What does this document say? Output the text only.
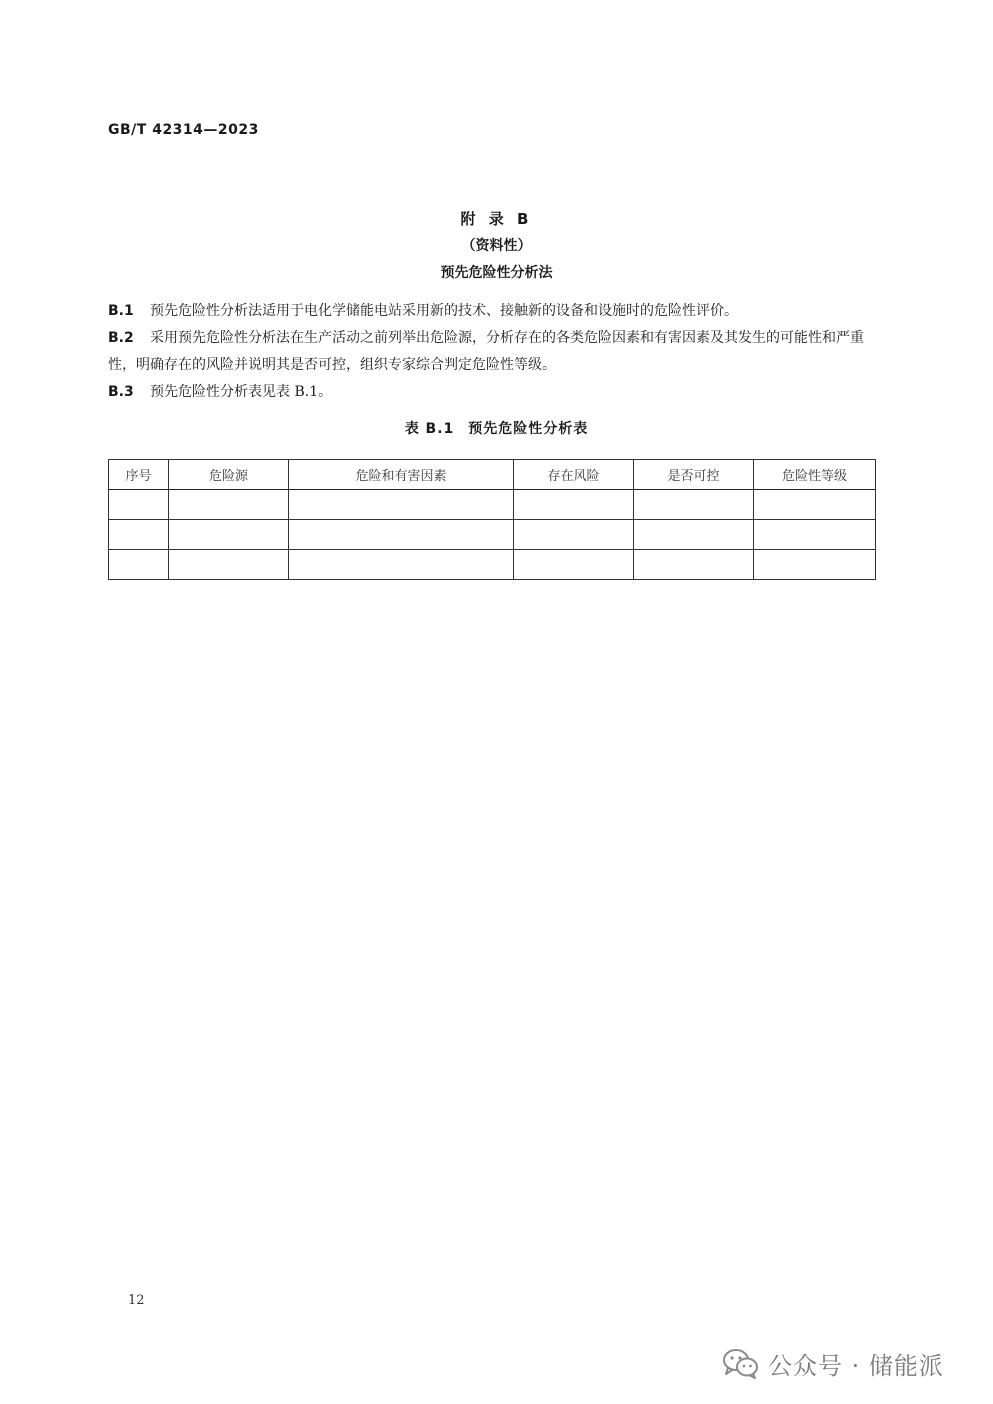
GB/T 42314—2023
附 录 B
（资料性）
预先危险性分析法

B.1 预先危险性分析法适用于电化学储能电站采用新的技术、接触新的设备和设施时的危险性评价。

B.2 采用预先危险性分析法在生产活动之前列举出危险源，分析存在的各类危险因素和有害因素及其发生的可能性和严重性，明确存在的风险并说明其是否可控，组织专家综合判定危险性等级。

B.3 预先危险性分析表见表 B.1。

表 B.1 预先危险性分析表
序号	危险源	危险和有害因素	存在风险	是否可控	危险性等级

12
公众号 · 储能派
